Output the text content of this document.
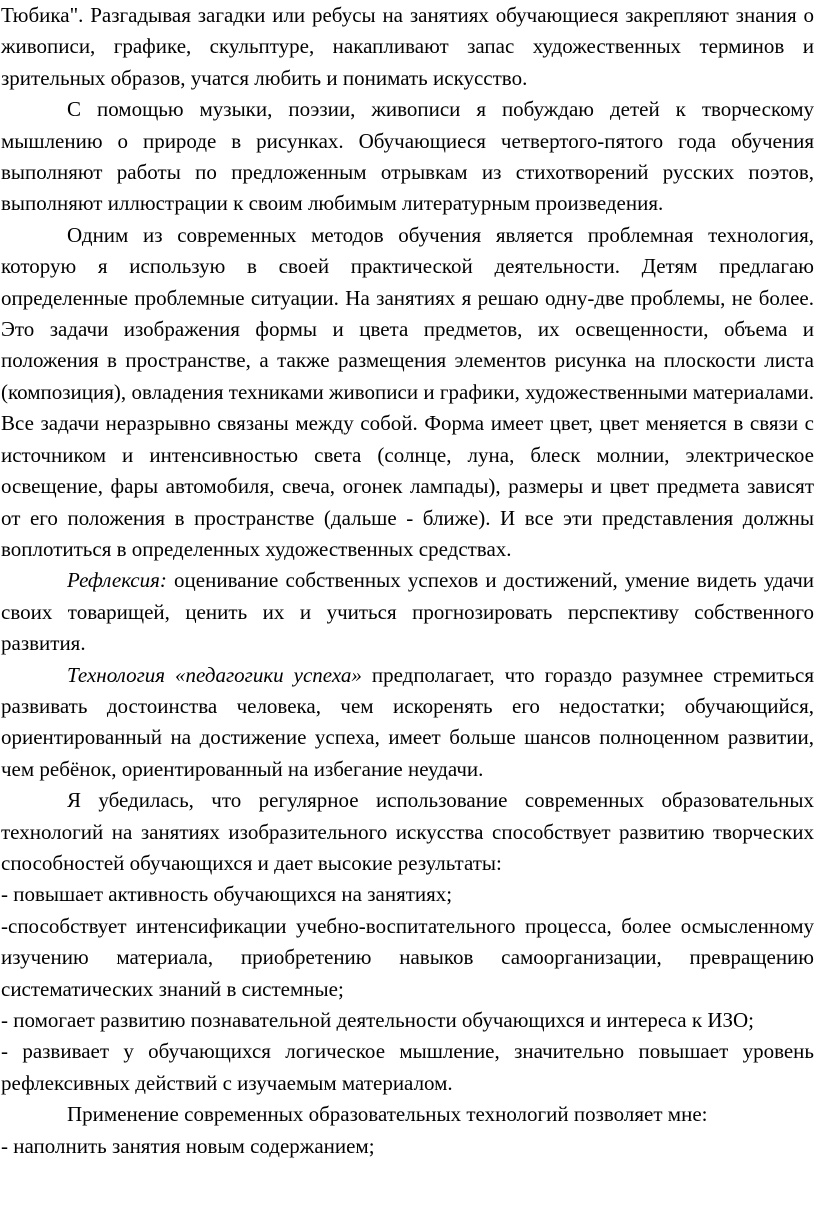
Тюбика". Разгадывая загадки или ребусы на занятиях обучающиеся закрепляют знания о живописи, графике, скульптуре, накапливают запас художественных терминов и зрительных образов, учатся любить и понимать искусство.

С помощью музыки, поэзии, живописи я побуждаю детей к творческому мышлению о природе в рисунках. Обучающиеся четвертого-пятого года обучения выполняют работы по предложенным отрывкам из стихотворений русских поэтов, выполняют иллюстрации к своим любимым литературным произведения.

Одним из современных методов обучения является проблемная технология, которую я использую в своей практической деятельности. Детям предлагаю определенные проблемные ситуации. На занятиях я решаю одну-две проблемы, не более. Это задачи изображения формы и цвета предметов, их освещенности, объема и положения в пространстве, а также размещения элементов рисунка на плоскости листа (композиция), овладения техниками живописи и графики, художественными материалами. Все задачи неразрывно связаны между собой. Форма имеет цвет, цвет меняется в связи с источником и интенсивностью света (солнце, луна, блеск молнии, электрическое освещение, фары автомобиля, свеча, огонек лампады), размеры и цвет предмета зависят от его положения в пространстве (дальше - ближе). И все эти представления должны воплотиться в определенных художественных средствах.

Рефлексия: оценивание собственных успехов и достижений, умение видеть удачи своих товарищей, ценить их и учиться прогнозировать перспективу собственного развития.

Технология «педагогики успеха» предполагает, что гораздо разумнее стремиться развивать достоинства человека, чем искоренять его недостатки; обучающийся, ориентированный на достижение успеха, имеет больше шансов полноценном развитии, чем ребёнок, ориентированный на избегание неудачи.

Я убедилась, что регулярное использование современных образовательных технологий на занятиях изобразительного искусства способствует развитию творческих способностей обучающихся и дает высокие результаты:

- повышает активность обучающихся на занятиях;

-способствует интенсификации учебно-воспитательного процесса, более осмысленному изучению материала, приобретению навыков самоорганизации, превращению систематических знаний в системные;

- помогает развитию познавательной деятельности обучающихся и интереса к ИЗО;

- развивает у обучающихся логическое мышление, значительно повышает уровень рефлексивных действий с изучаемым материалом.

Применение современных образовательных технологий позволяет мне:

- наполнить занятия новым содержанием;
